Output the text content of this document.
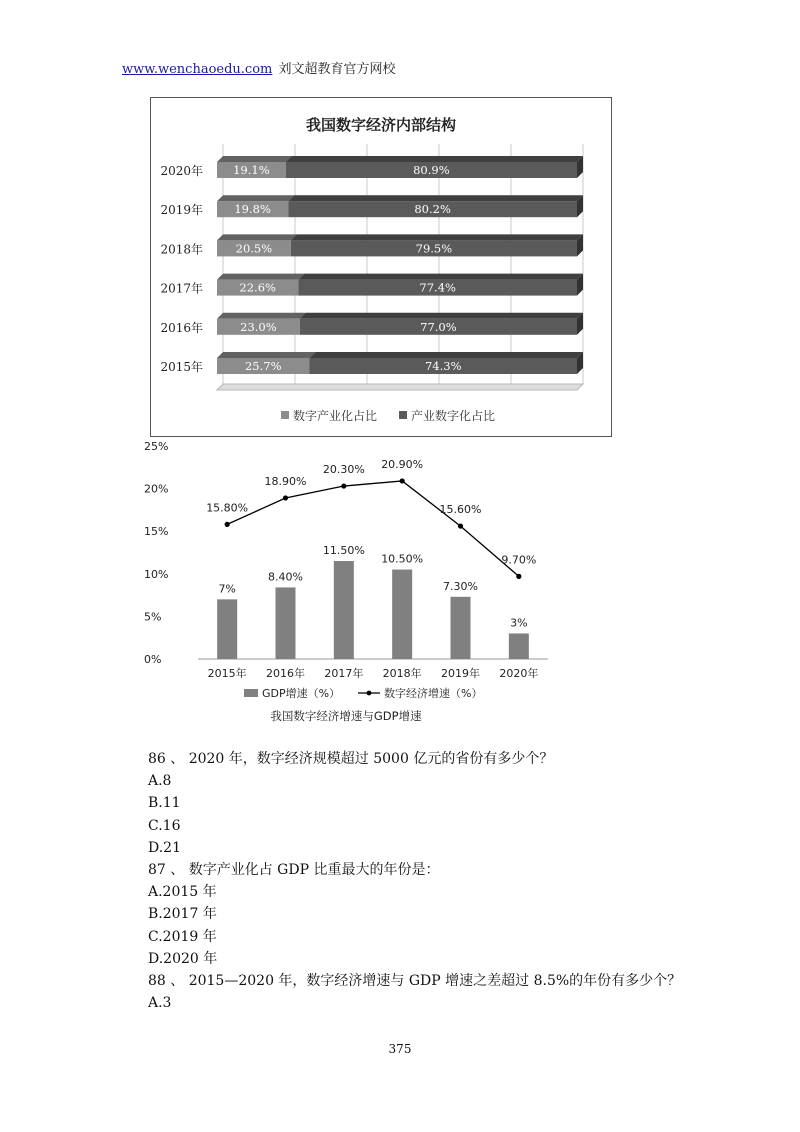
www.wenchaoedu.com 刘文超教育官方网校
我国数字经济内部结构
2020年	19.1%	80.9%
2019年	19.8%	80.2%
2018年	20.5%	79.5%
2017年	22.6%	77.4%
2016年	23.0%	77.0%
2015年	25.7%	74.3%
数字产业化占比	产业数字化占比
0%
5%
10%
15%
20%
25%
7%
8.40%
11.50%
10.50%
7.30%
3%
15.80%
18.90%
20.30% 20.90%
15.60%
9.70%
2015年 2016年 2017年 2018年 2019年 2020年
GDP增速（%）	数字经济增速（%）
我国数字经济增速与GDP增速
86 、 2020 年，数字经济规模超过 5000 亿元的省份有多少个？
A.8
B.11
C.16
D.21
87 、 数字产业化占 GDP 比重最大的年份是：
A.2015 年
B.2017 年
C.2019 年
D.2020 年
88 、 2015—2020 年，数字经济增速与 GDP 增速之差超过 8.5%的年份有多少个？
A.3
375
